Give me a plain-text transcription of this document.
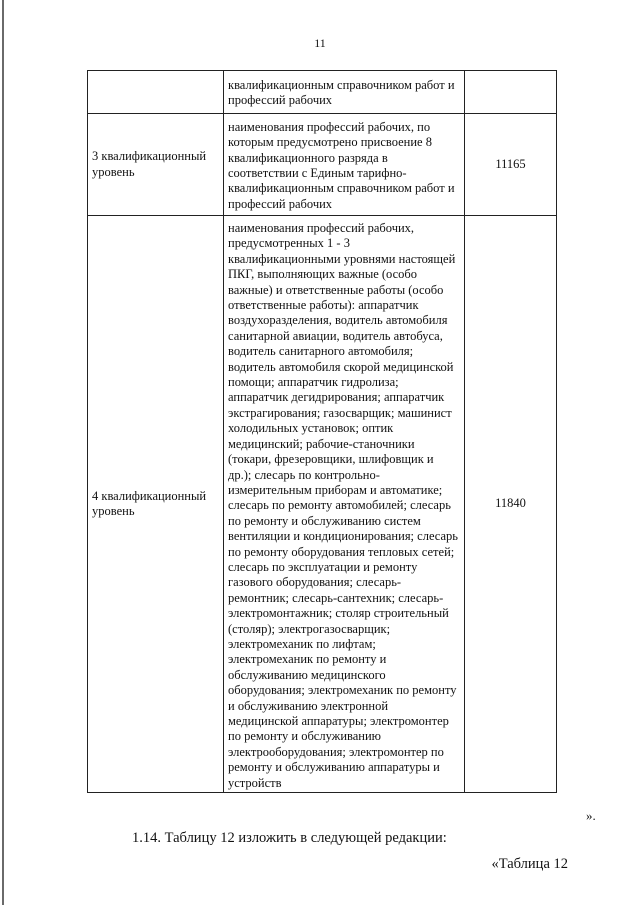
11
	квалификационным справочником работ и профессий рабочих	
3 квалификационный уровень	наименования профессий рабочих, по которым предусмотрено присвоение 8 квалификационного разряда в соответствии с Единым тарифно-квалификационным справочником работ и профессий рабочих	11165
4 квалификационный уровень	наименования профессий рабочих, предусмотренных 1 - 3 квалификационными уровнями настоящей ПКГ, выполняющих важные (особо важные) и ответственные работы (особо ответственные работы): аппаратчик воздухоразделения, водитель автомобиля санитарной авиации, водитель автобуса, водитель санитарного автомобиля; водитель автомобиля скорой медицинской помощи; аппаратчик гидролиза; аппаратчик дегидрирования; аппаратчик экстрагирования; газосварщик; машинист холодильных установок; оптик медицинский; рабочие-станочники (токари, фрезеровщики, шлифовщик и др.); слесарь по контрольно-измерительным приборам и автоматике; слесарь по ремонту автомобилей; слесарь по ремонту и обслуживанию систем вентиляции и кондиционирования; слесарь по ремонту оборудования тепловых сетей; слесарь по эксплуатации и ремонту газового оборудования; слесарь-ремонтник; слесарь-сантехник; слесарь-электромонтажник; столяр строительный (столяр); электрогазосварщик; электромеханик по лифтам; электромеханик по ремонту и обслуживанию медицинского оборудования; электромеханик по ремонту и обслуживанию электронной медицинской аппаратуры; электромонтер по ремонту и обслуживанию электрооборудования; электромонтер по ремонту и обслуживанию аппаратуры и устройств	11840
».
1.14. Таблицу 12 изложить в следующей редакции:
«Таблица 12
